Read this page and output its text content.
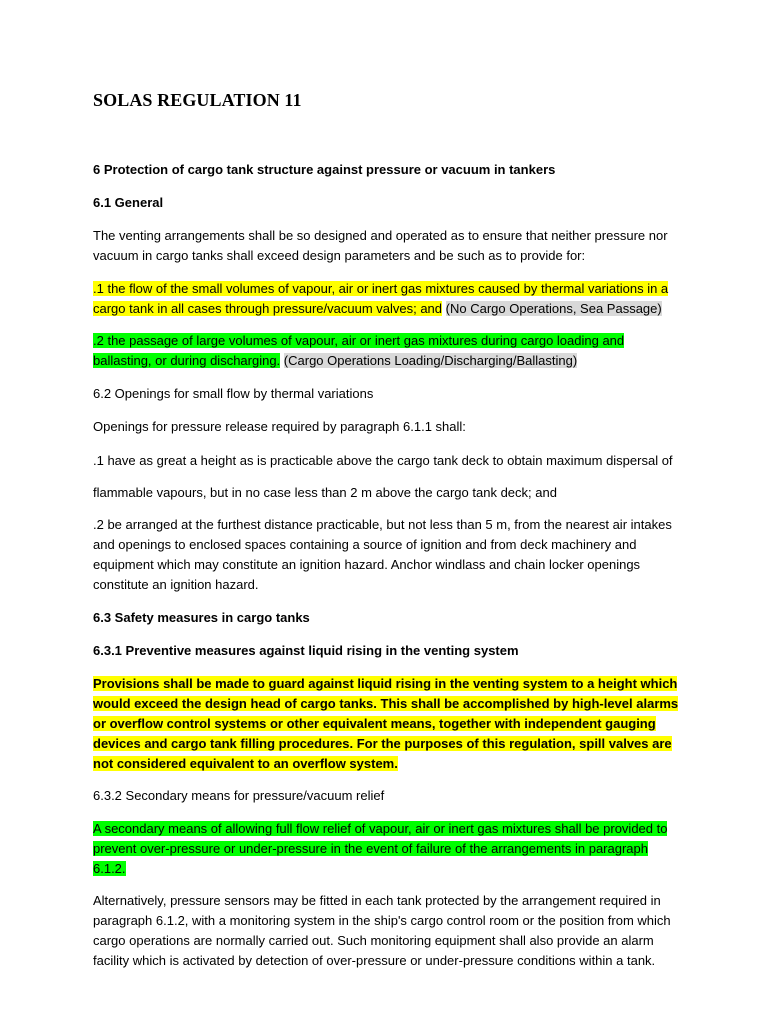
SOLAS REGULATION 11

6 Protection of cargo tank structure against pressure or vacuum in tankers

6.1 General

The venting arrangements shall be so designed and operated as to ensure that neither pressure nor vacuum in cargo tanks shall exceed design parameters and be such as to provide for:

.1 the flow of the small volumes of vapour, air or inert gas mixtures caused by thermal variations in a cargo tank in all cases through pressure/vacuum valves; and (No Cargo Operations, Sea Passage)

.2 the passage of large volumes of vapour, air or inert gas mixtures during cargo loading and ballasting, or during discharging. (Cargo Operations Loading/Discharging/Ballasting)

6.2 Openings for small flow by thermal variations

Openings for pressure release required by paragraph 6.1.1 shall:

.1 have as great a height as is practicable above the cargo tank deck to obtain maximum dispersal of

flammable vapours, but in no case less than 2 m above the cargo tank deck; and

.2 be arranged at the furthest distance practicable, but not less than 5 m, from the nearest air intakes and openings to enclosed spaces containing a source of ignition and from deck machinery and equipment which may constitute an ignition hazard. Anchor windlass and chain locker openings constitute an ignition hazard.

6.3 Safety measures in cargo tanks

6.3.1 Preventive measures against liquid rising in the venting system

Provisions shall be made to guard against liquid rising in the venting system to a height which would exceed the design head of cargo tanks. This shall be accomplished by high-level alarms or overflow control systems or other equivalent means, together with independent gauging devices and cargo tank filling procedures. For the purposes of this regulation, spill valves are not considered equivalent to an overflow system.

6.3.2 Secondary means for pressure/vacuum relief

A secondary means of allowing full flow relief of vapour, air or inert gas mixtures shall be provided to prevent over-pressure or under-pressure in the event of failure of the arrangements in paragraph 6.1.2.

Alternatively, pressure sensors may be fitted in each tank protected by the arrangement required in paragraph 6.1.2, with a monitoring system in the ship's cargo control room or the position from which cargo operations are normally carried out. Such monitoring equipment shall also provide an alarm facility which is activated by detection of over-pressure or under-pressure conditions within a tank.
